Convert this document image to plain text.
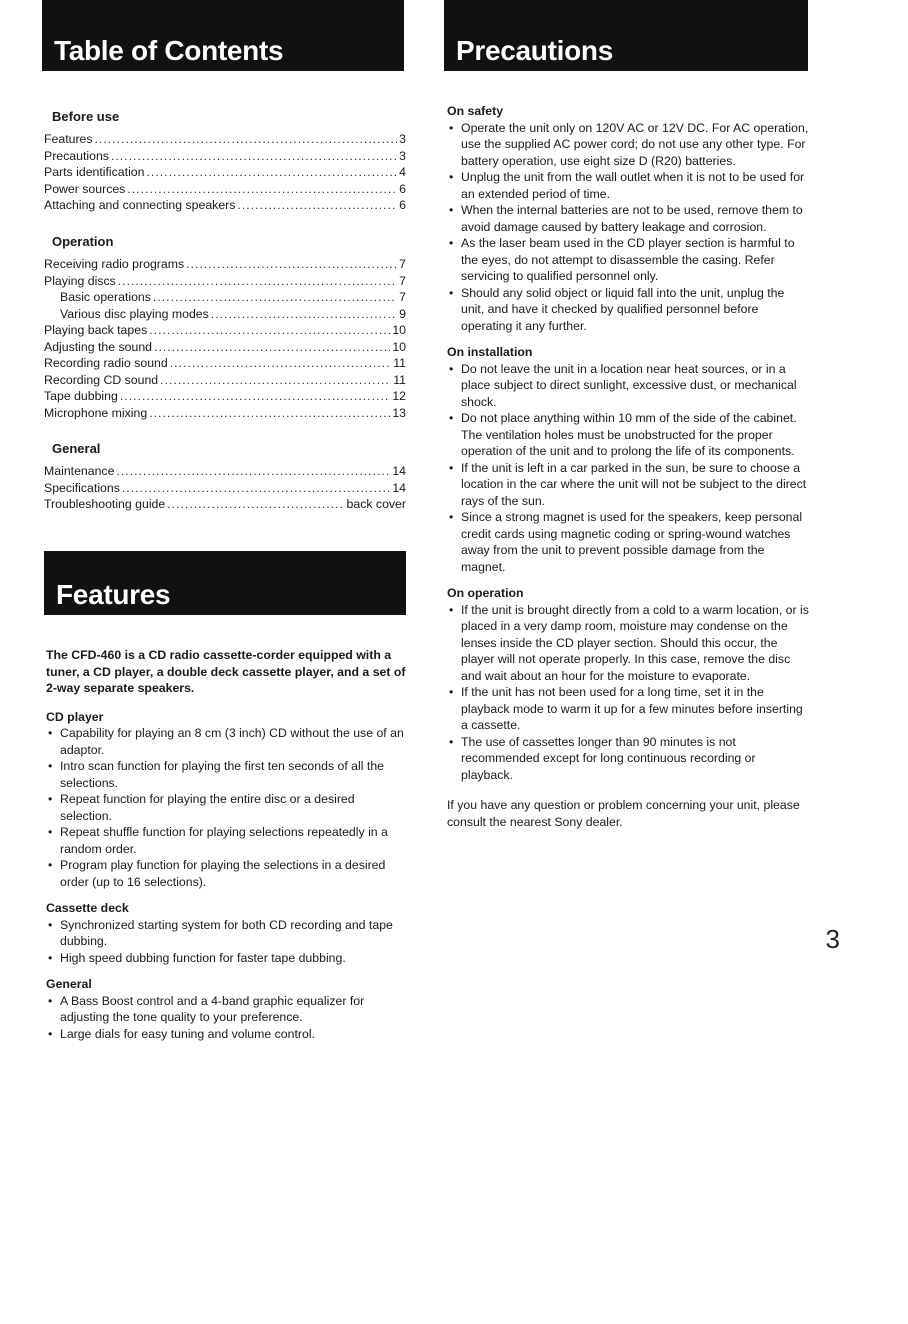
Table of Contents	Precautions
Features
Before use
Features .....	3
Precautions .....	3
Parts identification .....	4
Power sources .....	6
Attaching and connecting speakers .....	6
Operation
Receiving radio programs .....	7
Playing discs .....	7
Basic operations .....	7
Various disc playing modes .....	9
Playing back tapes .....	10
Adjusting the sound .....	10
Recording radio sound .....	11
Recording CD sound .....	11
Tape dubbing .....	12
Microphone mixing .....	13
General
Maintenance .....	14
Specifications .....	14
Troubleshooting guide .....	back cover
The CFD-460 is a CD radio cassette-corder equipped with a tuner, a CD player, a double deck cassette player, and a set of 2-way separate speakers.
CD player
• Capability for playing an 8 cm (3 inch) CD without the use of an adaptor.
• Intro scan function for playing the first ten seconds of all the selections.
• Repeat function for playing the entire disc or a desired selection.
• Repeat shuffle function for playing selections repeatedly in a random order.
• Program play function for playing the selections in a desired order (up to 16 selections).
Cassette deck
• Synchronized starting system for both CD recording and tape dubbing.
• High speed dubbing function for faster tape dubbing.
General
• A Bass Boost control and a 4-band graphic equalizer for adjusting the tone quality to your preference.
• Large dials for easy tuning and volume control.
On safety
• Operate the unit only on 120V AC or 12V DC. For AC operation, use the supplied AC power cord; do not use any other type. For battery operation, use eight size D (R20) batteries.
• Unplug the unit from the wall outlet when it is not to be used for an extended period of time.
• When the internal batteries are not to be used, remove them to avoid damage caused by battery leakage and corrosion.
• As the laser beam used in the CD player section is harmful to the eyes, do not attempt to disassemble the casing. Refer servicing to qualified personnel only.
• Should any solid object or liquid fall into the unit, unplug the unit, and have it checked by qualified personnel before operating it any further.
On installation
• Do not leave the unit in a location near heat sources, or in a place subject to direct sunlight, excessive dust, or mechanical shock.
• Do not place anything within 10 mm of the side of the cabinet. The ventilation holes must be unobstructed for the proper operation of the unit and to prolong the life of its components.
• If the unit is left in a car parked in the sun, be sure to choose a location in the car where the unit will not be subject to the direct rays of the sun.
• Since a strong magnet is used for the speakers, keep personal credit cards using magnetic coding or spring-wound watches away from the unit to prevent possible damage from the magnet.
On operation
• If the unit is brought directly from a cold to a warm location, or is placed in a very damp room, moisture may condense on the lenses inside the CD player section. Should this occur, the player will not operate properly. In this case, remove the disc and wait about an hour for the moisture to evaporate.
• If the unit has not been used for a long time, set it in the playback mode to warm it up for a few minutes before inserting a cassette.
• The use of cassettes longer than 90 minutes is not recommended except for long continuous recording or playback.
If you have any question or problem concerning your unit, please consult the nearest Sony dealer.
3
